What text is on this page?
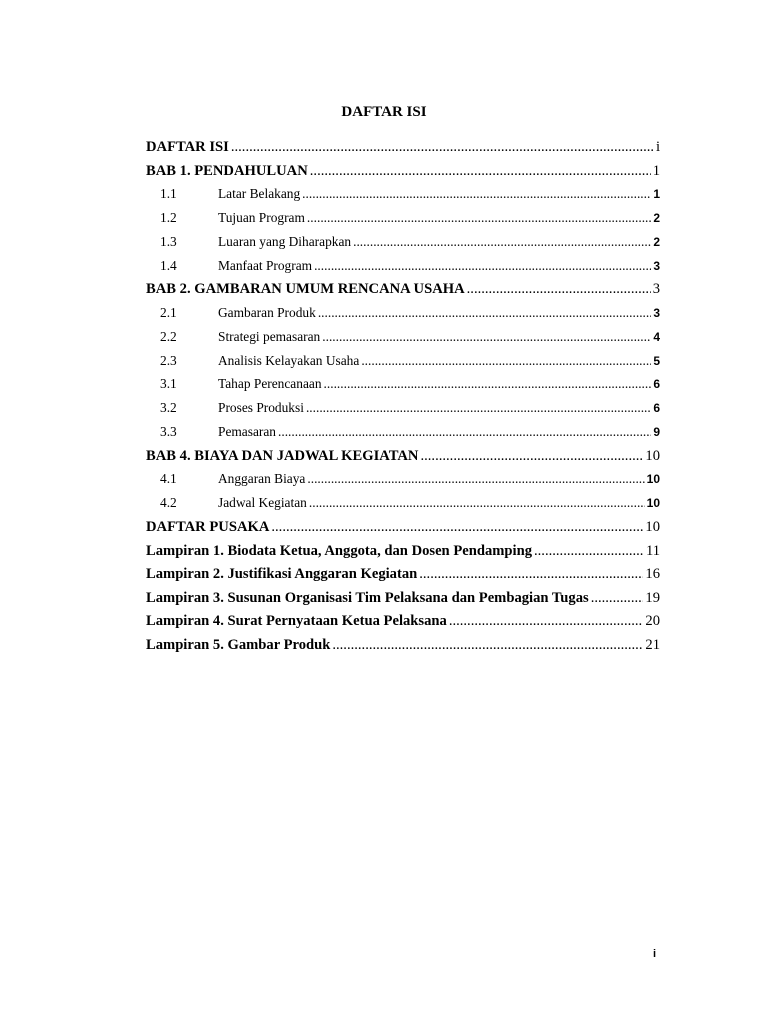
DAFTAR ISI
DAFTAR ISI .....	i
BAB 1. PENDAHULUAN .....	1
1.1	Latar Belakang .....	1
1.2	Tujuan Program .....	2
1.3	Luaran yang Diharapkan .....	2
1.4	Manfaat Program .....	3
BAB 2. GAMBARAN UMUM RENCANA USAHA .....	3
2.1	Gambaran Produk .....	3
2.2	Strategi pemasaran .....	4
2.3	Analisis Kelayakan Usaha .....	5
3.1	Tahap Perencanaan .....	6
3.2	Proses Produksi .....	6
3.3	Pemasaran .....	9
BAB 4. BIAYA DAN JADWAL KEGIATAN .....	10
4.1	Anggaran Biaya .....	10
4.2	Jadwal Kegiatan .....	10
DAFTAR PUSAKA .....	10
Lampiran 1. Biodata Ketua, Anggota, dan Dosen Pendamping .....	11
Lampiran 2. Justifikasi Anggaran Kegiatan .....	16
Lampiran 3. Susunan Organisasi Tim Pelaksana dan Pembagian Tugas .....	19
Lampiran 4. Surat Pernyataan Ketua Pelaksana .....	20
Lampiran 5. Gambar Produk .....	21
i
